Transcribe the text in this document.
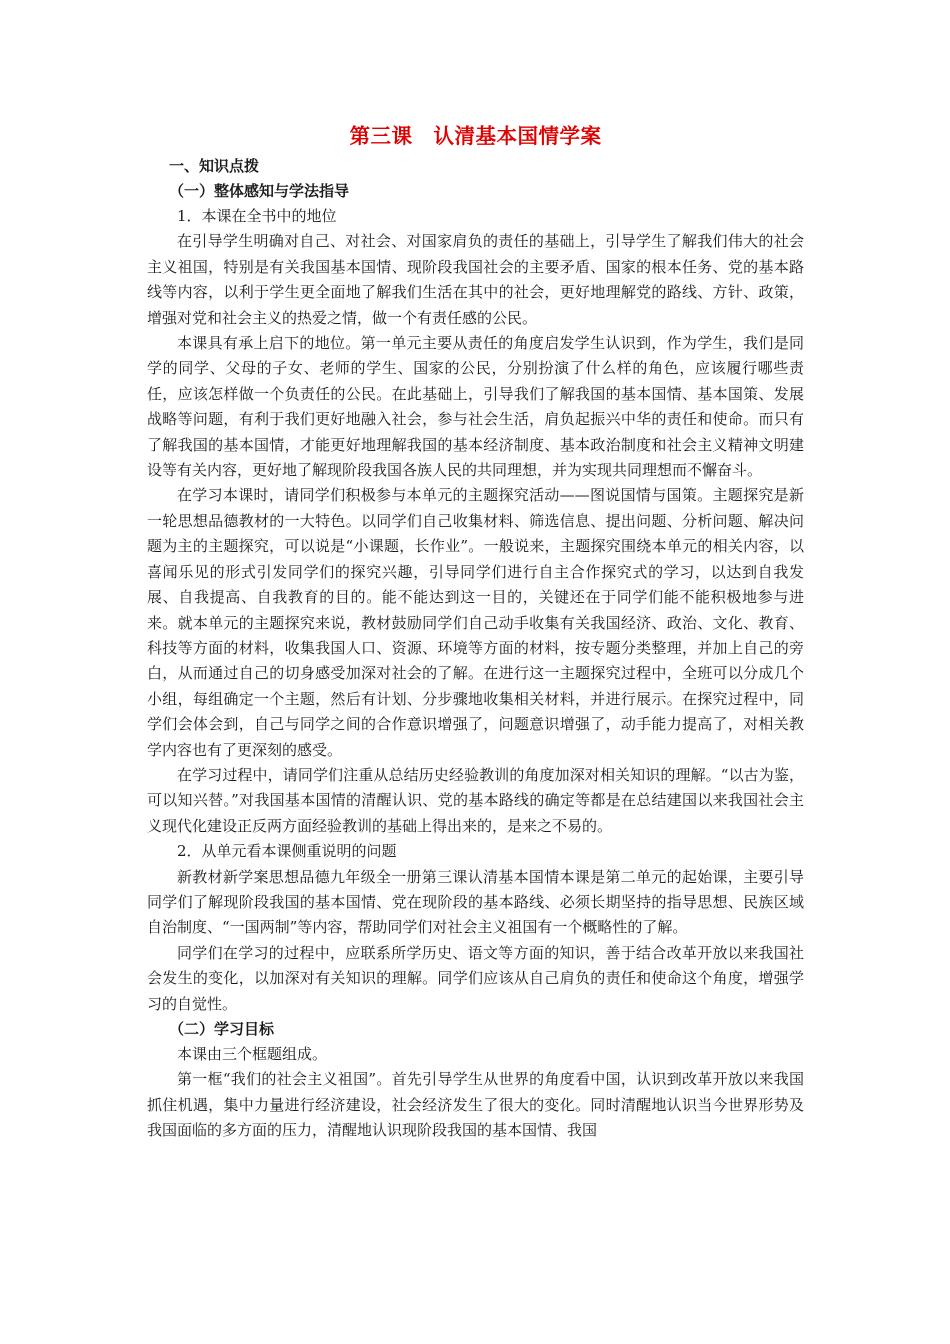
第三课　认清基本国情学案
一、知识点拨
（一）整体感知与学法指导

1．本课在全书中的地位

在引导学生明确对自己、对社会、对国家肩负的责任的基础上，引导学生了解我们伟大的社会主义祖国，特别是有关我国基本国情、现阶段我国社会的主要矛盾、国家的根本任务、党的基本路线等内容，以利于学生更全面地了解我们生活在其中的社会，更好地理解党的路线、方针、政策，增强对党和社会主义的热爱之情，做一个有责任感的公民。

本课具有承上启下的地位。第一单元主要从责任的角度启发学生认识到，作为学生，我们是同学的同学、父母的子女、老师的学生、国家的公民，分别扮演了什么样的角色，应该履行哪些责任，应该怎样做一个负责任的公民。在此基础上，引导我们了解我国的基本国情、基本国策、发展战略等问题，有利于我们更好地融入社会，参与社会生活，肩负起振兴中华的责任和使命。而只有了解我国的基本国情，才能更好地理解我国的基本经济制度、基本政治制度和社会主义精神文明建设等有关内容，更好地了解现阶段我国各族人民的共同理想，并为实现共同理想而不懈奋斗。

在学习本课时，请同学们积极参与本单元的主题探究活动——图说国情与国策。主题探究是新一轮思想品德教材的一大特色。以同学们自己收集材料、筛选信息、提出问题、分析问题、解决问题为主的主题探究，可以说是“小课题，长作业”。一般说来，主题探究围绕本单元的相关内容，以喜闻乐见的形式引发同学们的探究兴趣，引导同学们进行自主合作探究式的学习，以达到自我发展、自我提高、自我教育的目的。能不能达到这一目的，关键还在于同学们能不能积极地参与进来。就本单元的主题探究来说，教材鼓励同学们自己动手收集有关我国经济、政治、文化、教育、科技等方面的材料，收集我国人口、资源、环境等方面的材料，按专题分类整理，并加上自己的旁白，从而通过自己的切身感受加深对社会的了解。在进行这一主题探究过程中，全班可以分成几个小组，每组确定一个主题，然后有计划、分步骤地收集相关材料，并进行展示。在探究过程中，同学们会体会到，自己与同学之间的合作意识增强了，问题意识增强了，动手能力提高了，对相关教学内容也有了更深刻的感受。

在学习过程中，请同学们注重从总结历史经验教训的角度加深对相关知识的理解。“以古为鉴，可以知兴替。”对我国基本国情的清醒认识、党的基本路线的确定等都是在总结建国以来我国社会主义现代化建设正反两方面经验教训的基础上得出来的，是来之不易的。

2．从单元看本课侧重说明的问题

新教材新学案思想品德九年级全一册第三课认清基本国情本课是第二单元的起始课，主要引导同学们了解现阶段我国的基本国情、党在现阶段的基本路线、必须长期坚持的指导思想、民族区域自治制度、“一国两制”等内容，帮助同学们对社会主义祖国有一个概略性的了解。

同学们在学习的过程中，应联系所学历史、语文等方面的知识，善于结合改革开放以来我国社会发生的变化，以加深对有关知识的理解。同学们应该从自己肩负的责任和使命这个角度，增强学习的自觉性。

（二）学习目标

本课由三个框题组成。

第一框“我们的社会主义祖国”。首先引导学生从世界的角度看中国，认识到改革开放以来我国抓住机遇，集中力量进行经济建设，社会经济发生了很大的变化。同时清醒地认识当今世界形势及我国面临的多方面的压力，清醒地认识现阶段我国的基本国情、我国
